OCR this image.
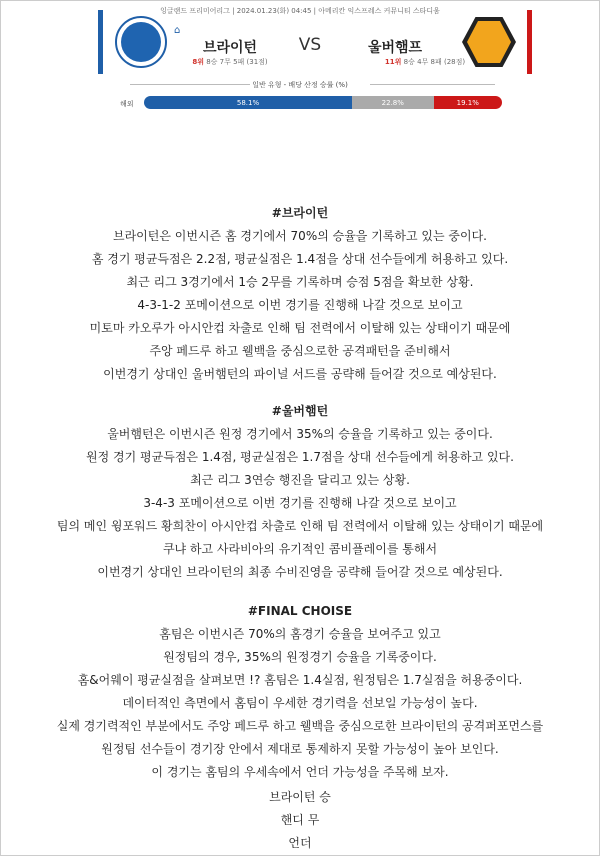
잉글랜드 프리미어리그 | 2024.01.23(화) 04:45 | 아메리칸 익스프레스 커뮤니티 스타디움
⌂
브라이턴	VS	울버햄프
8위 8승 7무 5패 (31점)	11위 8승 4무 8패 (28점)
일반 유형 - 배당 산정 승률 (%)
해외	58.1%	22.8%	19.1%
#브라이턴
브라이턴은 이번시즌 홈 경기에서 70%의 승율을 기록하고 있는 중이다.
홈 경기 평균득점은 2.2점, 평균실점은 1.4점을 상대 선수들에게 허용하고 있다.
최근 리그 3경기에서 1승 2무를 기록하며 승점 5점을 확보한 상황.
4-3-1-2 포메이션으로 이번 경기를 진행해 나갈 것으로 보이고
미토마 카오루가 아시안컵 차출로 인해 팀 전력에서 이탈해 있는 상태이기 때문에
주앙 페드루 하고 웰백을 중심으로한 공격패턴을 준비해서
이번경기 상대인 울버햄턴의 파이널 서드를 공략해 들어갈 것으로 예상된다.
#울버햄턴
울버햄턴은 이번시즌 원정 경기에서 35%의 승율을 기록하고 있는 중이다.
원정 경기 평균득점은 1.4점, 평균실점은 1.7점을 상대 선수들에게 허용하고 있다.
최근 리그 3연승 행진을 달리고 있는 상황.
3-4-3 포메이션으로 이번 경기를 진행해 나갈 것으로 보이고
팀의 메인 윙포워드 황희찬이 아시안컵 차출로 인해 팀 전력에서 이탈해 있는 상태이기 때문에
쿠냐 하고 사라비아의 유기적인 콤비플레이를 통해서
이번경기 상대인 브라이턴의 최종 수비진영을 공략해 들어갈 것으로 예상된다.
#FINAL CHOISE
홈팀은 이번시즌 70%의 홈경기 승율을 보여주고 있고
원정팀의 경우, 35%의 원정경기 승율을 기록중이다.
홈&어웨이 평균실점을 살펴보면 !? 홈팀은 1.4실점, 원정팀은 1.7실점을 허용중이다.
데이터적인 측면에서 홈팀이 우세한 경기력을 선보일 가능성이 높다.
실제 경기력적인 부분에서도 주앙 페드루 하고 웰백을 중심으로한 브라이턴의 공격퍼포먼스를
원정팀 선수들이 경기장 안에서 제대로 통제하지 못할 가능성이 높아 보인다.
이 경기는 홈팀의 우세속에서 언더 가능성을 주목해 보자.
브라이턴 승
핸디 무
언더
